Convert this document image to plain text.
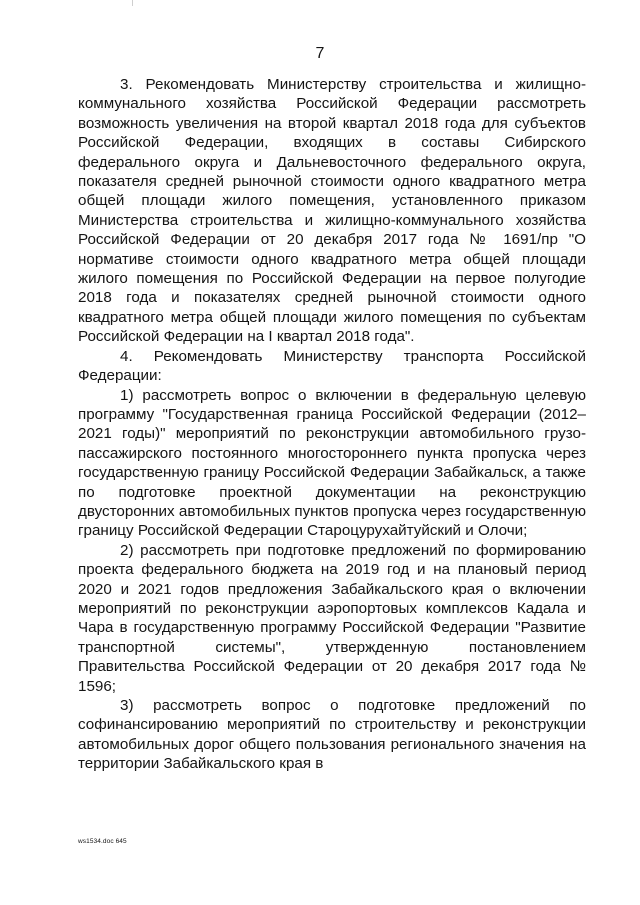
7

3. Рекомендовать Министерству строительства и жилищно-коммунального хозяйства Российской Федерации рассмотреть возможность увеличения на второй квартал 2018 года для субъектов Российской Федерации, входящих в составы Сибирского федерального округа и Дальневосточного федерального округа, показателя средней рыночной стоимости одного квадратного метра общей площади жилого помещения, установленного приказом Министерства строительства и жилищно-коммунального хозяйства Российской Федерации от 20 декабря 2017 года № 1691/пр "О нормативе стоимости одного квадратного метра общей площади жилого помещения по Российской Федерации на первое полугодие 2018 года и показателях средней рыночной стоимости одного квадратного метра общей площади жилого помещения по субъектам Российской Федерации на I квартал 2018 года".

4. Рекомендовать Министерству транспорта Российской Федерации:

1) рассмотреть вопрос о включении в федеральную целевую программу "Государственная граница Российской Федерации (2012–2021 годы)" мероприятий по реконструкции автомобильного грузо-пассажирского постоянного многостороннего пункта пропуска через государственную границу Российской Федерации Забайкальск, а также по подготовке проектной документации на реконструкцию двусторонних автомобильных пунктов пропуска через государственную границу Российской Федерации Староцурухайтуйский и Олочи;

2) рассмотреть при подготовке предложений по формированию проекта федерального бюджета на 2019 год и на плановый период 2020 и 2021 годов предложения Забайкальского края о включении мероприятий по реконструкции аэропортовых комплексов Кадала и Чара в государственную программу Российской Федерации "Развитие транспортной системы", утвержденную постановлением Правительства Российской Федерации от 20 декабря 2017 года № 1596;

3) рассмотреть вопрос о подготовке предложений по софинансированию мероприятий по строительству и реконструкции автомобильных дорог общего пользования регионального значения на территории Забайкальского края в

ws1534.doc 645
